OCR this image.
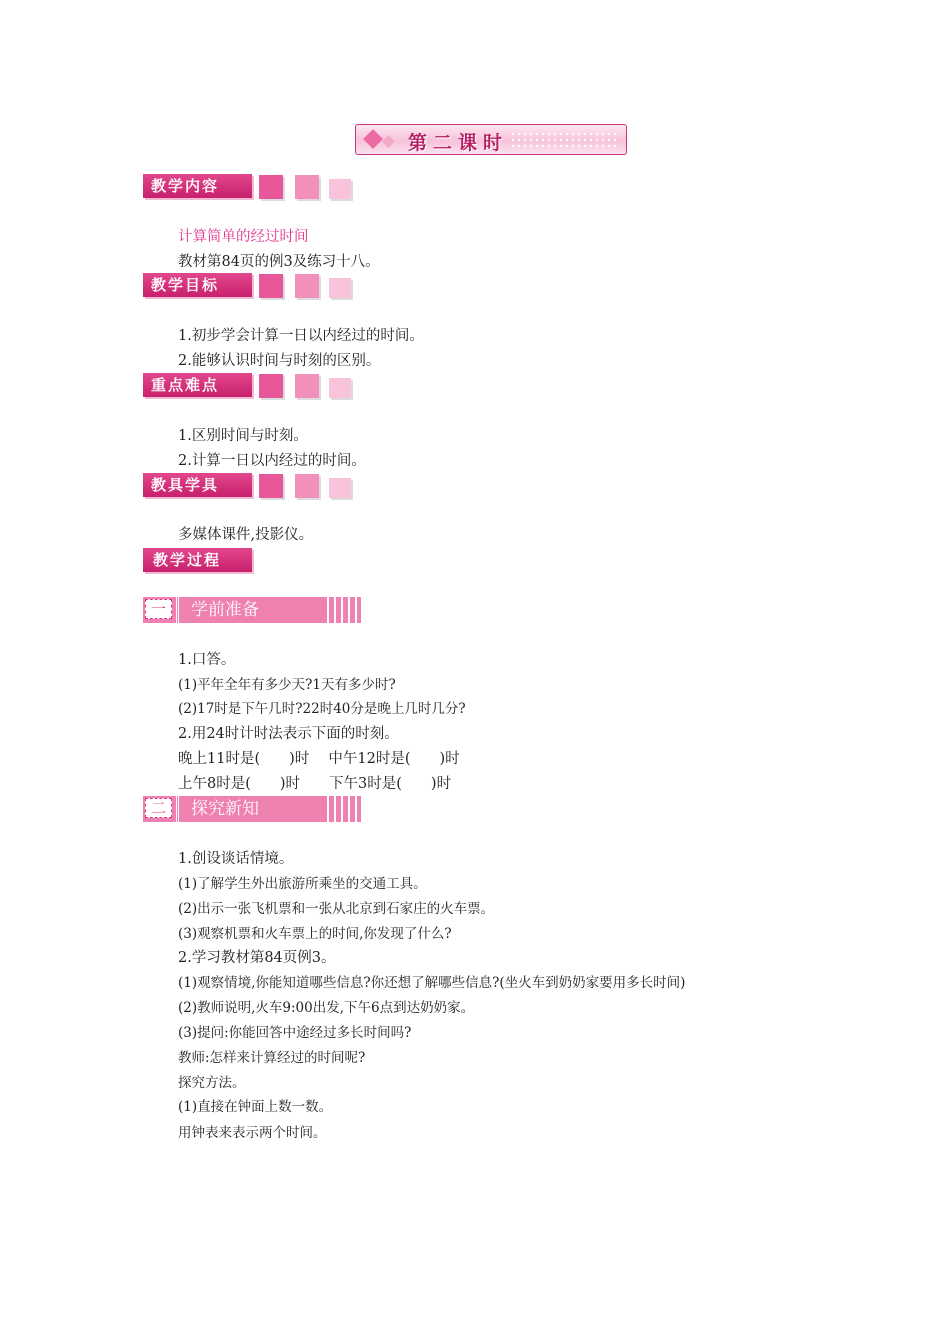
第二课时
教学内容
计算简单的经过时间
教材第84页的例3及练习十八。
教学目标
1.初步学会计算一日以内经过的时间。
2.能够认识时间与时刻的区别。
重点难点
1.区别时间与时刻。
2.计算一日以内经过的时间。
教具学具
多媒体课件,投影仪。
教学过程
一	学前准备
1.口答。
(1)平年全年有多少天?1天有多少时?
(2)17时是下午几时?22时40分是晚上几时几分?
2.用24时计时法表示下面的时刻。
晚上11时是(　　)时　 中午12时是(　　)时
上午8时是(　　)时　　下午3时是(　　)时
二	探究新知
1.创设谈话情境。
(1)了解学生外出旅游所乘坐的交通工具。
(2)出示一张飞机票和一张从北京到石家庄的火车票。
(3)观察机票和火车票上的时间,你发现了什么?
2.学习教材第84页例3。
(1)观察情境,你能知道哪些信息?你还想了解哪些信息?(坐火车到奶奶家要用多长时间)
(2)教师说明,火车9:00出发,下午6点到达奶奶家。
(3)提问:你能回答中途经过多长时间吗?
教师:怎样来计算经过的时间呢?
探究方法。
(1)直接在钟面上数一数。
用钟表来表示两个时间。
